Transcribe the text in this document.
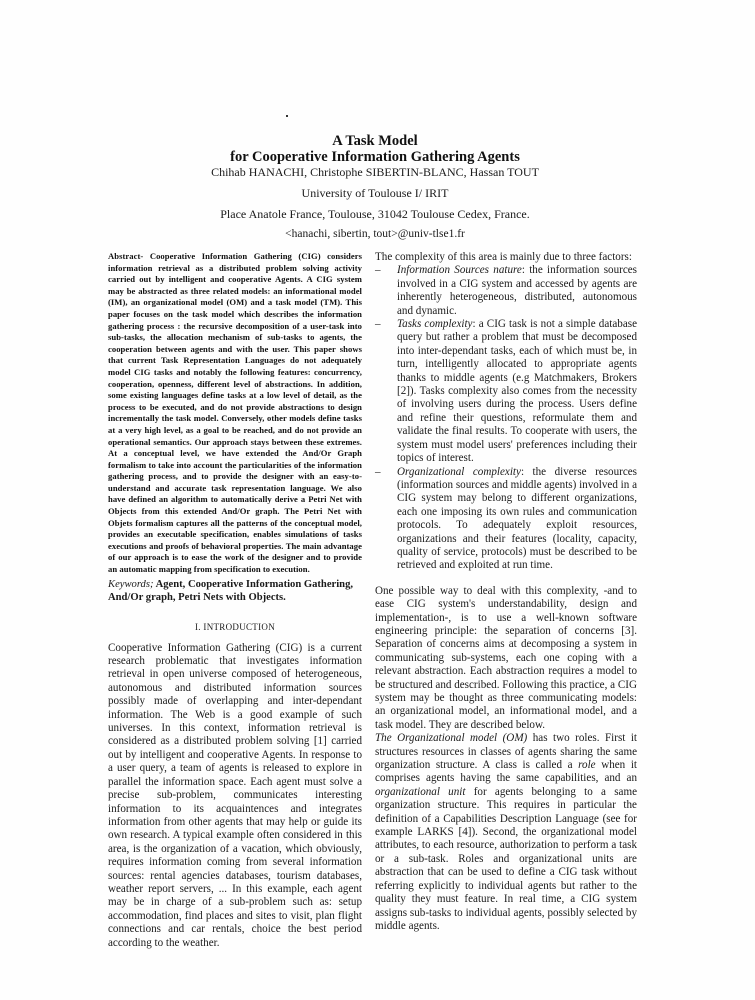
A Task Model

for Cooperative Information Gathering Agents

Chihab HANACHI, Christophe SIBERTIN-BLANC, Hassan TOUT

University of Toulouse I/ IRIT
Place Anatole France, Toulouse, 31042 Toulouse Cedex, France.
<hanachi, sibertin, tout>@univ-tlse1.fr

Abstract- Cooperative Information Gathering (CIG) considers information retrieval as a distributed problem solving activity carried out by intelligent and cooperative Agents. A CIG system may be abstracted as three related models: an informational model (IM), an organizational model (OM) and a task model (TM). This paper focuses on the task model which describes the information gathering process : the recursive decomposition of a user-task into sub-tasks, the allocation mechanism of sub-tasks to agents, the cooperation between agents and with the user. This paper shows that current Task Representation Languages do not adequately model CIG tasks and notably the following features: concurrency, cooperation, openness, different level of abstractions. In addition, some existing languages define tasks at a low level of detail, as the process to be executed, and do not provide abstractions to design incrementally the task model. Conversely, other models define tasks at a very high level, as a goal to be reached, and do not provide an operational semantics. Our approach stays between these extremes. At a conceptual level, we have extended the And/Or Graph formalism to take into account the particularities of the information gathering process, and to provide the designer with an easy-to-understand and accurate task representation language. We also have defined an algorithm to automatically derive a Petri Net with Objects from this extended And/Or graph. The Petri Net with Objets formalism captures all the patterns of the conceptual model, provides an executable specification, enables simulations of tasks executions and proofs of behavioral properties. The main advantage of our approach is to ease the work of the designer and to provide an automatic mapping from specification to execution.

Keywords; Agent, Cooperative Information Gathering, And/Or graph, Petri Nets with Objects.

I. INTRODUCTION

Cooperative Information Gathering (CIG) is a current research problematic that investigates information retrieval in open universe composed of heterogeneous, autonomous and distributed information sources possibly made of overlapping and inter-dependant information. The Web is a good example of such universes. In this context, information retrieval is considered as a distributed problem solving [1] carried out by intelligent and cooperative Agents. In response to a user query, a team of agents is released to explore in parallel the information space. Each agent must solve a precise sub-problem, communicates interesting information to its acquaintences and integrates information from other agents that may help or guide its own research. A typical example often considered in this area, is the organization of a vacation, which obviously, requires information coming from several information sources: rental agencies databases, tourism databases, weather report servers, ... In this example, each agent may be in charge of a sub-problem such as: setup accommodation, find places and sites to visit, plan flight connections and car rentals, choice the best period according to the weather.

The complexity of this area is mainly due to three factors:

– Information Sources nature: the information sources involved in a CIG system and accessed by agents are inherently heterogeneous, distributed, autonomous and dynamic.
– Tasks complexity: a CIG task is not a simple database query but rather a problem that must be decomposed into inter-dependant tasks, each of which must be, in turn, intelligently allocated to appropriate agents thanks to middle agents (e.g Matchmakers, Brokers [2]). Tasks complexity also comes from the necessity of involving users during the process. Users define and refine their questions, reformulate them and validate the final results. To cooperate with users, the system must model users' preferences including their topics of interest.
– Organizational complexity: the diverse resources (information sources and middle agents) involved in a CIG system may belong to different organizations, each one imposing its own rules and communication protocols. To adequately exploit resources, organizations and their features (locality, capacity, quality of service, protocols) must be described to be retrieved and exploited at run time.

One possible way to deal with this complexity, -and to ease CIG system's understandability, design and implementation-, is to use a well-known software engineering principle: the separation of concerns [3]. Separation of concerns aims at decomposing a system in communicating sub-systems, each one coping with a relevant abstraction. Each abstraction requires a model to be structured and described. Following this practice, a CIG system may be thought as three communicating models: an organizational model, an informational model, and a task model. They are described below.

The Organizational model (OM) has two roles. First it structures resources in classes of agents sharing the same organization structure. A class is called a role when it comprises agents having the same capabilities, and an organizational unit for agents belonging to a same organization structure. This requires in particular the definition of a Capabilities Description Language (see for example LARKS [4]). Second, the organizational model attributes, to each resource, authorization to perform a task or a sub-task. Roles and organizational units are abstraction that can be used to define a CIG task without referring explicitly to individual agents but rather to the quality they must feature. In real time, a CIG system assigns sub-tasks to individual agents, possibly selected by middle agents.
